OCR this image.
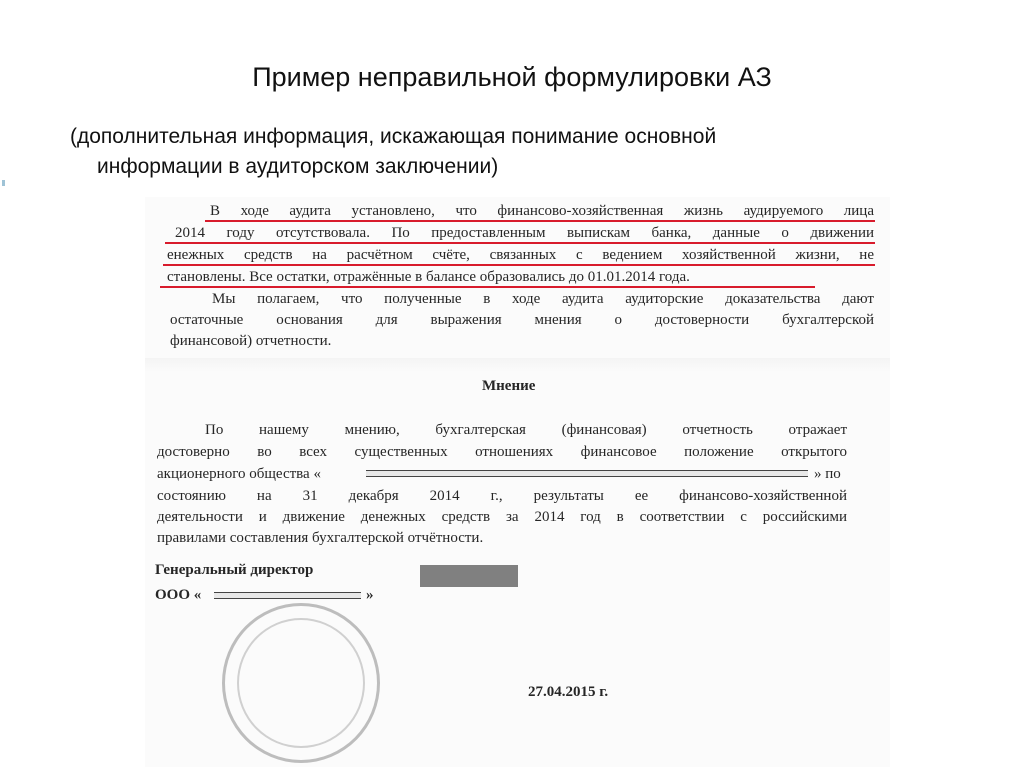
Пример неправильной формулировки АЗ
(дополнительная информация, искажающая понимание основной
информации в аудиторском заключении)
В ходе аудита установлено, что финансово-хозяйственная жизнь аудируемого лица
2014 году отсутствовала. По предоставленным выпискам банка, данные о движении
енежных средств на расчётном счёте, связанных с ведением хозяйственной жизни, не
становлены. Все остатки, отражённые в балансе образовались до 01.01.2014 года.
Мы полагаем, что полученные в ходе аудита аудиторские доказательства дают
остаточные основания для выражения мнения о достоверности бухгалтерской
финансовой) отчетности.
Мнение
По нашему мнению, бухгалтерская (финансовая) отчетность отражает
достоверно во всех существенных отношениях финансовое положение открытого
акционерного общества «	» по
состоянию на 31 декабря 2014 г., результаты ее финансово-хозяйственной
деятельности и движение денежных средств за 2014 год в соответствии с российскими
правилами составления бухгалтерской отчётности.
Генеральный директор
ООО «	»
27.04.2015 г.
